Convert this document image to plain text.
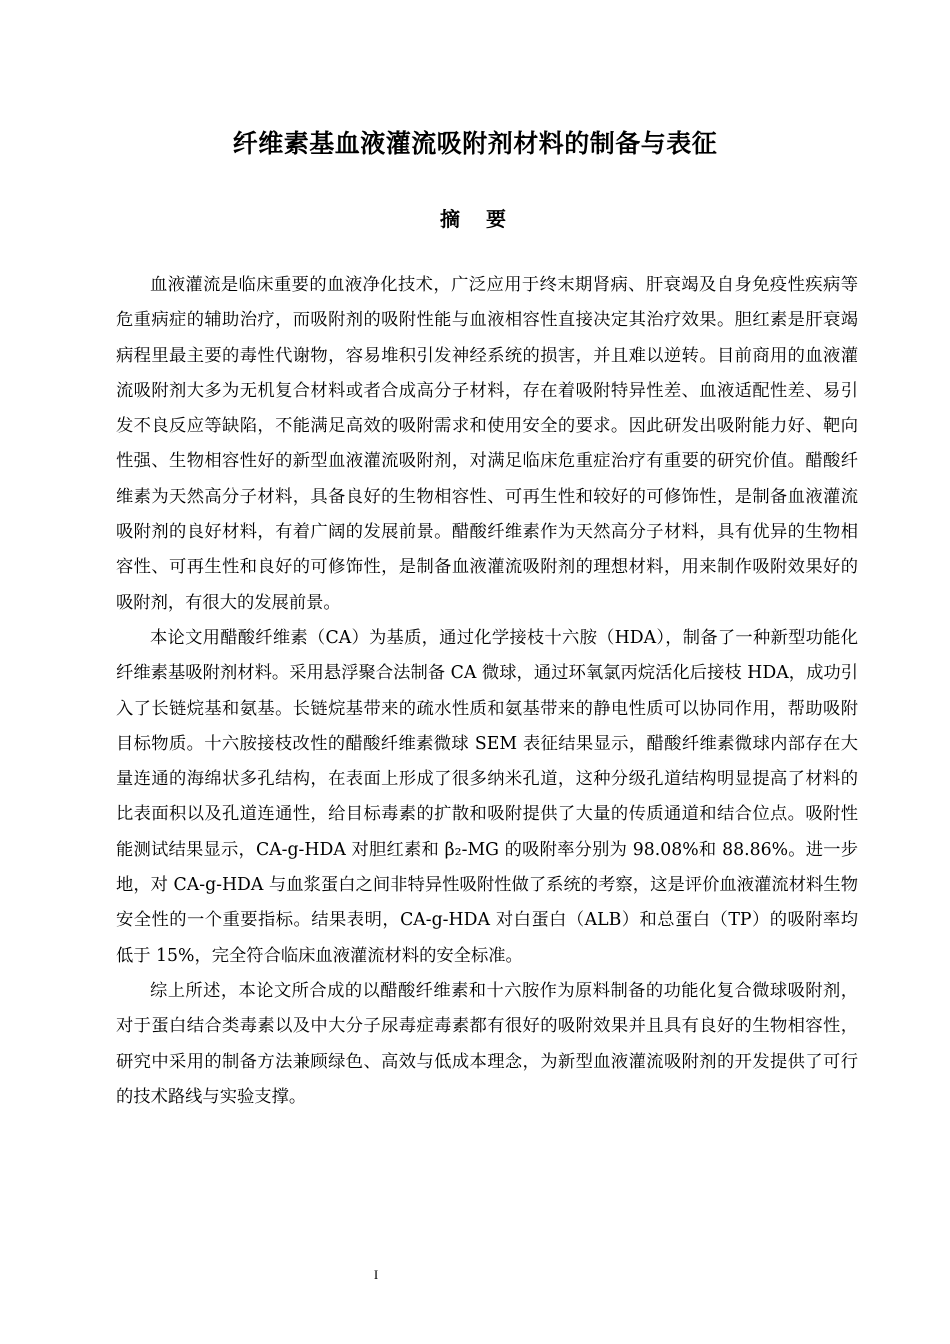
纤维素基血液灌流吸附剂材料的制备与表征
摘  要

血液灌流是临床重要的血液净化技术，广泛应用于终末期肾病、肝衰竭及自身免疫性疾病等危重病症的辅助治疗，而吸附剂的吸附性能与血液相容性直接决定其治疗效果。胆红素是肝衰竭病程里最主要的毒性代谢物，容易堆积引发神经系统的损害，并且难以逆转。目前商用的血液灌流吸附剂大多为无机复合材料或者合成高分子材料，存在着吸附特异性差、血液适配性差、易引发不良反应等缺陷，不能满足高效的吸附需求和使用安全的要求。因此研发出吸附能力好、靶向性强、生物相容性好的新型血液灌流吸附剂，对满足临床危重症治疗有重要的研究价值。醋酸纤维素为天然高分子材料，具备良好的生物相容性、可再生性和较好的可修饰性，是制备血液灌流吸附剂的良好材料，有着广阔的发展前景。醋酸纤维素作为天然高分子材料，具有优异的生物相容性、可再生性和良好的可修饰性，是制备血液灌流吸附剂的理想材料，用来制作吸附效果好的吸附剂，有很大的发展前景。

本论文用醋酸纤维素（CA）为基质，通过化学接枝十六胺（HDA），制备了一种新型功能化纤维素基吸附剂材料。采用悬浮聚合法制备 CA 微球，通过环氧氯丙烷活化后接枝 HDA，成功引入了长链烷基和氨基。长链烷基带来的疏水性质和氨基带来的静电性质可以协同作用，帮助吸附目标物质。十六胺接枝改性的醋酸纤维素微球 SEM 表征结果显示，醋酸纤维素微球内部存在大量连通的海绵状多孔结构，在表面上形成了很多纳米孔道，这种分级孔道结构明显提高了材料的比表面积以及孔道连通性，给目标毒素的扩散和吸附提供了大量的传质通道和结合位点。吸附性能测试结果显示，CA-g-HDA 对胆红素和 β₂-MG 的吸附率分别为 98.08%和 88.86%。进一步地，对 CA-g-HDA 与血浆蛋白之间非特异性吸附性做了系统的考察，这是评价血液灌流材料生物安全性的一个重要指标。结果表明，CA-g-HDA 对白蛋白（ALB）和总蛋白（TP）的吸附率均低于 15%，完全符合临床血液灌流材料的安全标准。

综上所述，本论文所合成的以醋酸纤维素和十六胺作为原料制备的功能化复合微球吸附剂，对于蛋白结合类毒素以及中大分子尿毒症毒素都有很好的吸附效果并且具有良好的生物相容性，研究中采用的制备方法兼顾绿色、高效与低成本理念，为新型血液灌流吸附剂的开发提供了可行的技术路线与实验支撑。

I
